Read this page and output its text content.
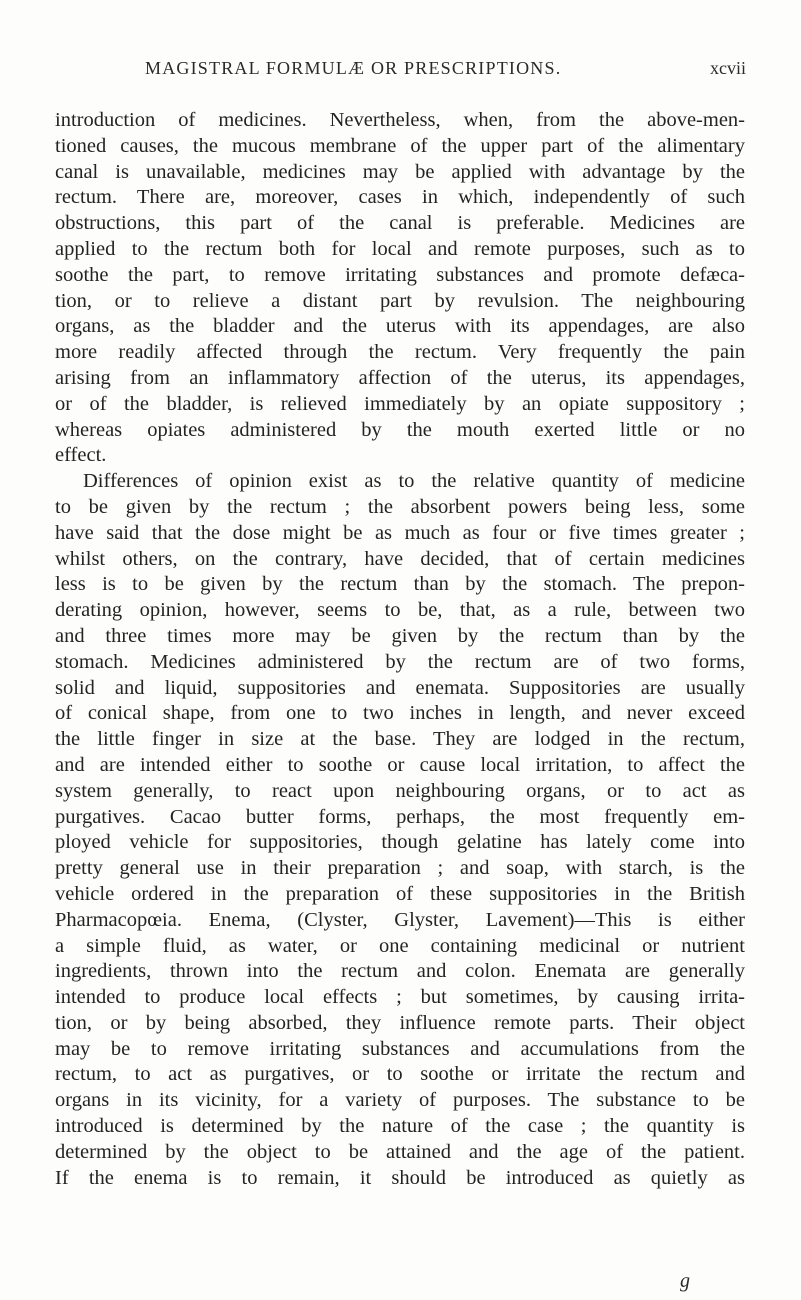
MAGISTRAL FORMULÆ OR PRESCRIPTIONS.	xcvii
introduction of medicines. Nevertheless, when, from the above-men-
tioned causes, the mucous membrane of the upper part of the alimentary
canal is unavailable, medicines may be applied with advantage by the
rectum. There are, moreover, cases in which, independently of such
obstructions, this part of the canal is preferable. Medicines are
applied to the rectum both for local and remote purposes, such as to
soothe the part, to remove irritating substances and promote defæca-
tion, or to relieve a distant part by revulsion. The neighbouring
organs, as the bladder and the uterus with its appendages, are also
more readily affected through the rectum. Very frequently the pain
arising from an inflammatory affection of the uterus, its appendages,
or of the bladder, is relieved immediately by an opiate suppository ;
whereas opiates administered by the mouth exerted little or no
effect.
Differences of opinion exist as to the relative quantity of medicine
to be given by the rectum ; the absorbent powers being less, some
have said that the dose might be as much as four or five times greater ;
whilst others, on the contrary, have decided, that of certain medicines
less is to be given by the rectum than by the stomach. The prepon-
derating opinion, however, seems to be, that, as a rule, between two
and three times more may be given by the rectum than by the
stomach. Medicines administered by the rectum are of two forms,
solid and liquid, suppositories and enemata. Suppositories are usually
of conical shape, from one to two inches in length, and never exceed
the little finger in size at the base. They are lodged in the rectum,
and are intended either to soothe or cause local irritation, to affect the
system generally, to react upon neighbouring organs, or to act as
purgatives. Cacao butter forms, perhaps, the most frequently em-
ployed vehicle for suppositories, though gelatine has lately come into
pretty general use in their preparation ; and soap, with starch, is the
vehicle ordered in the preparation of these suppositories in the British
Pharmacopœia. Enema, (Clyster, Glyster, Lavement)—This is either
a simple fluid, as water, or one containing medicinal or nutrient
ingredients, thrown into the rectum and colon. Enemata are generally
intended to produce local effects ; but sometimes, by causing irrita-
tion, or by being absorbed, they influence remote parts. Their object
may be to remove irritating substances and accumulations from the
rectum, to act as purgatives, or to soothe or irritate the rectum and
organs in its vicinity, for a variety of purposes. The substance to be
introduced is determined by the nature of the case ; the quantity is
determined by the object to be attained and the age of the patient.
If the enema is to remain, it should be introduced as quietly as
g
